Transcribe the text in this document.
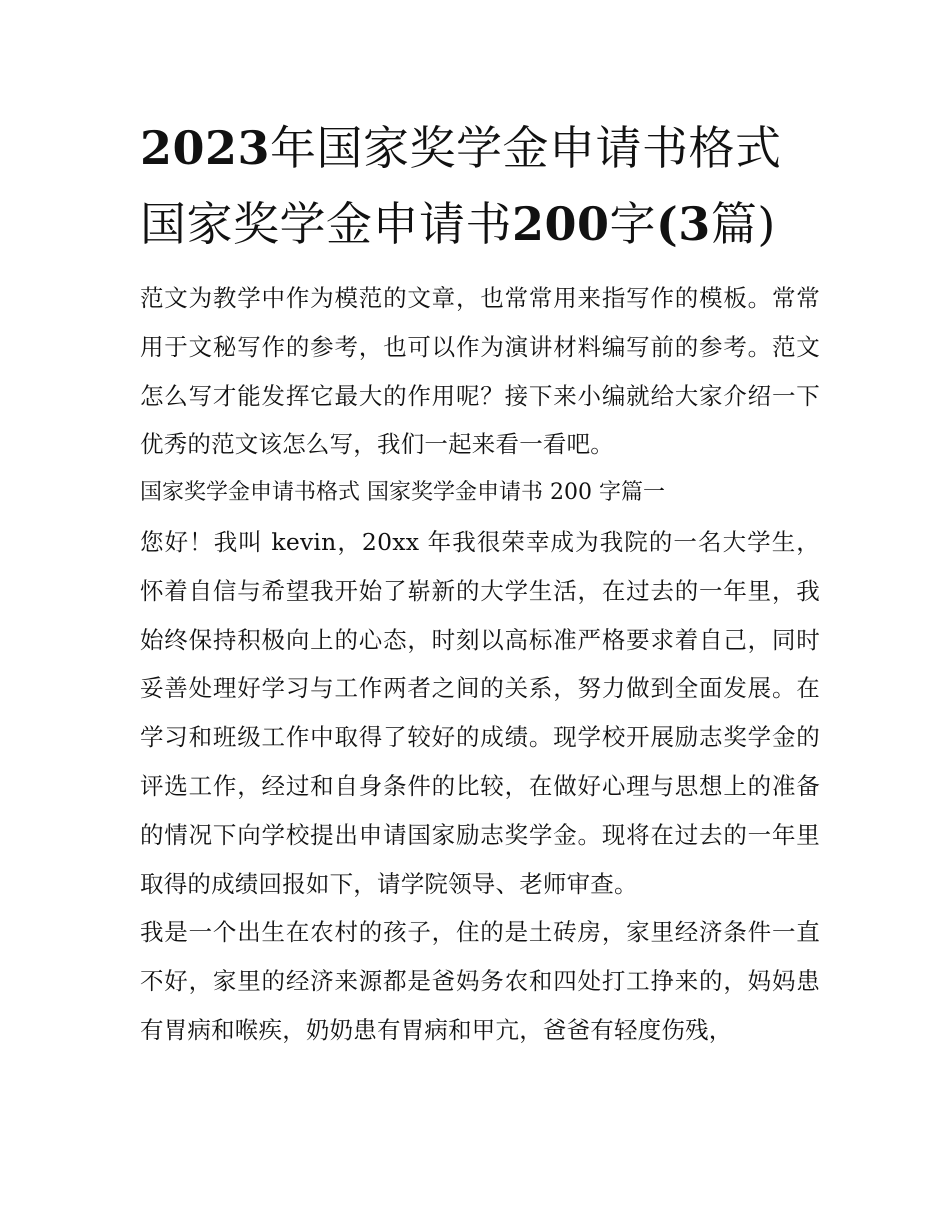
2023年国家奖学金申请书格式
国家奖学金申请书200字(3篇)

范文为教学中作为模范的文章，也常常用来指写作的模板。常常用于文秘写作的参考，也可以作为演讲材料编写前的参考。范文怎么写才能发挥它最大的作用呢？接下来小编就给大家介绍一下优秀的范文该怎么写，我们一起来看一看吧。

国家奖学金申请书格式 国家奖学金申请书 200 字篇一

您好！我叫 kevin，20xx 年我很荣幸成为我院的一名大学生，怀着自信与希望我开始了崭新的大学生活，在过去的一年里，我始终保持积极向上的心态，时刻以高标准严格要求着自己，同时妥善处理好学习与工作两者之间的关系，努力做到全面发展。在学习和班级工作中取得了较好的成绩。现学校开展励志奖学金的评选工作，经过和自身条件的比较，在做好心理与思想上的准备的情况下向学校提出申请国家励志奖学金。现将在过去的一年里取得的成绩回报如下，请学院领导、老师审查。

我是一个出生在农村的孩子，住的是土砖房，家里经济条件一直不好，家里的经济来源都是爸妈务农和四处打工挣来的，妈妈患有胃病和喉疾，奶奶患有胃病和甲亢，爸爸有轻度伤残，
